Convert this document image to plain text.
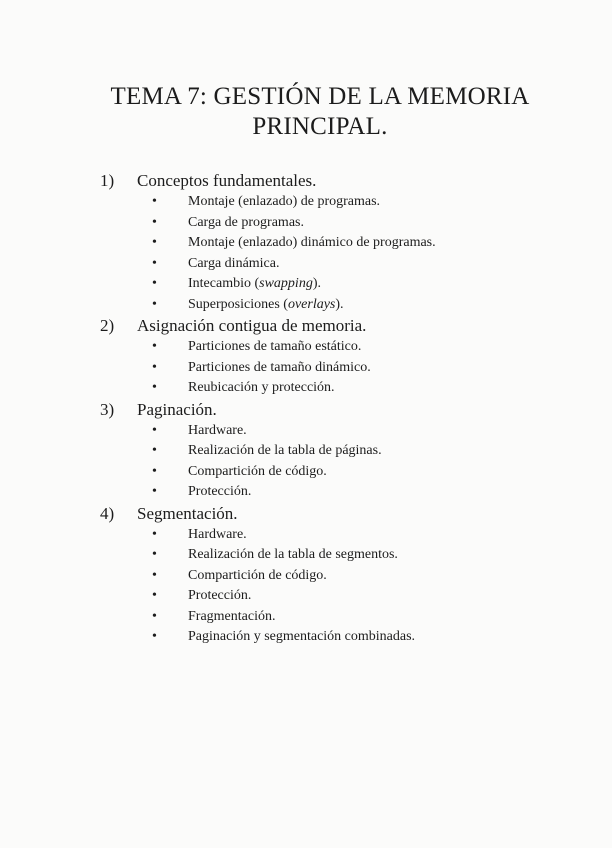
TEMA 7: GESTIÓN DE LA MEMORIA
PRINCIPAL.
1)	Conceptos fundamentales.
• Montaje (enlazado) de programas.
• Carga de programas.
• Montaje (enlazado) dinámico de programas.
• Carga dinámica.
• Intecambio (swapping).
• Superposiciones (overlays).
2)	Asignación contigua de memoria.
• Particiones de tamaño estático.
• Particiones de tamaño dinámico.
• Reubicación y protección.
3)	Paginación.
• Hardware.
• Realización de la tabla de páginas.
• Compartición de código.
• Protección.
4)	Segmentación.
• Hardware.
• Realización de la tabla de segmentos.
• Compartición de código.
• Protección.
• Fragmentación.
• Paginación y segmentación combinadas.
